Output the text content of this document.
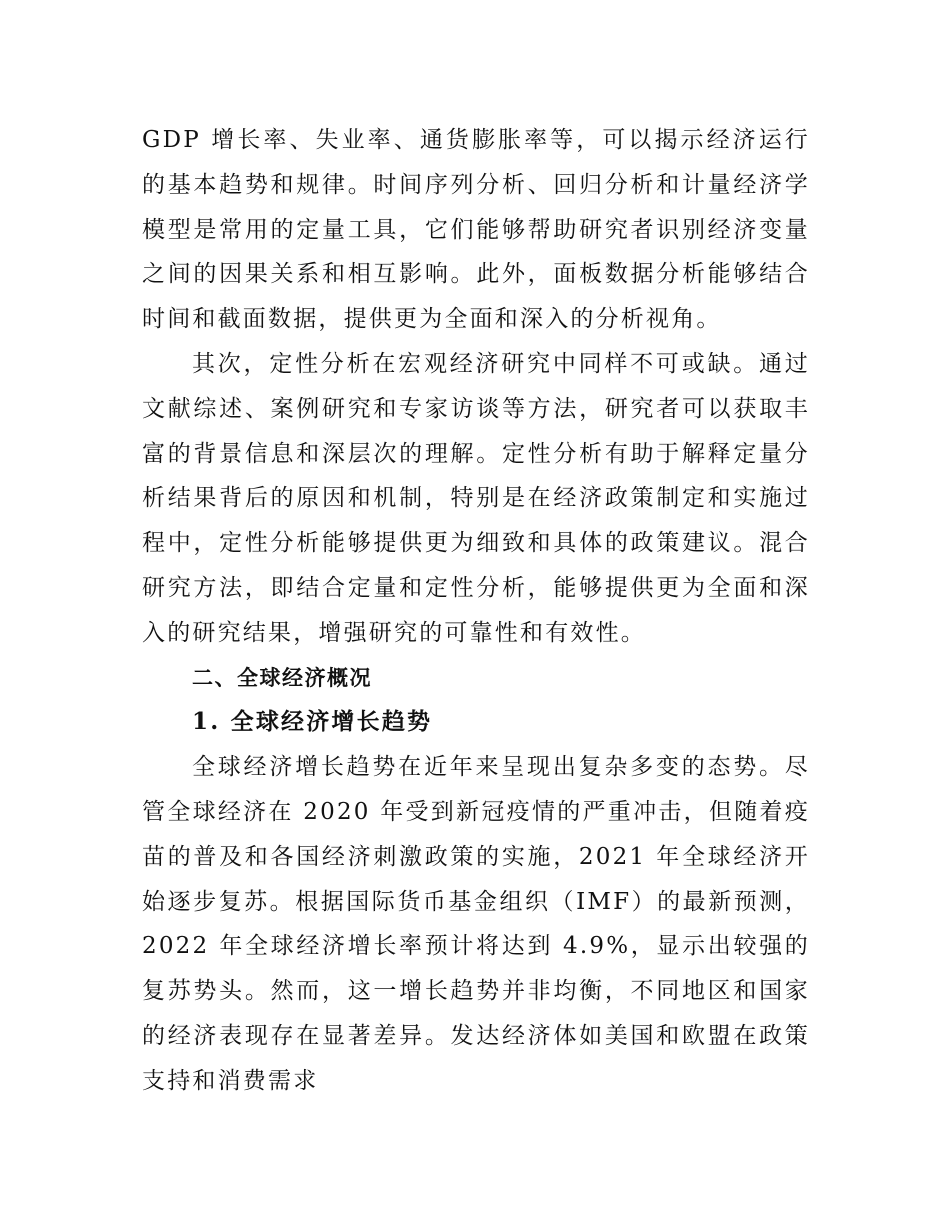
GDP 增长率、失业率、通货膨胀率等，可以揭示经济运行的基本趋势和规律。时间序列分析、回归分析和计量经济学模型是常用的定量工具，它们能够帮助研究者识别经济变量之间的因果关系和相互影响。此外，面板数据分析能够结合时间和截面数据，提供更为全面和深入的分析视角。

其次，定性分析在宏观经济研究中同样不可或缺。通过文献综述、案例研究和专家访谈等方法，研究者可以获取丰富的背景信息和深层次的理解。定性分析有助于解释定量分析结果背后的原因和机制，特别是在经济政策制定和实施过程中，定性分析能够提供更为细致和具体的政策建议。混合研究方法，即结合定量和定性分析，能够提供更为全面和深入的研究结果，增强研究的可靠性和有效性。

二、全球经济概况
1. 全球经济增长趋势

全球经济增长趋势在近年来呈现出复杂多变的态势。尽管全球经济在 2020 年受到新冠疫情的严重冲击，但随着疫苗的普及和各国经济刺激政策的实施，2021 年全球经济开始逐步复苏。根据国际货币基金组织（IMF）的最新预测，2022 年全球经济增长率预计将达到 4.9%，显示出较强的复苏势头。然而，这一增长趋势并非均衡，不同地区和国家的经济表现存在显著差异。发达经济体如美国和欧盟在政策支持和消费需求
